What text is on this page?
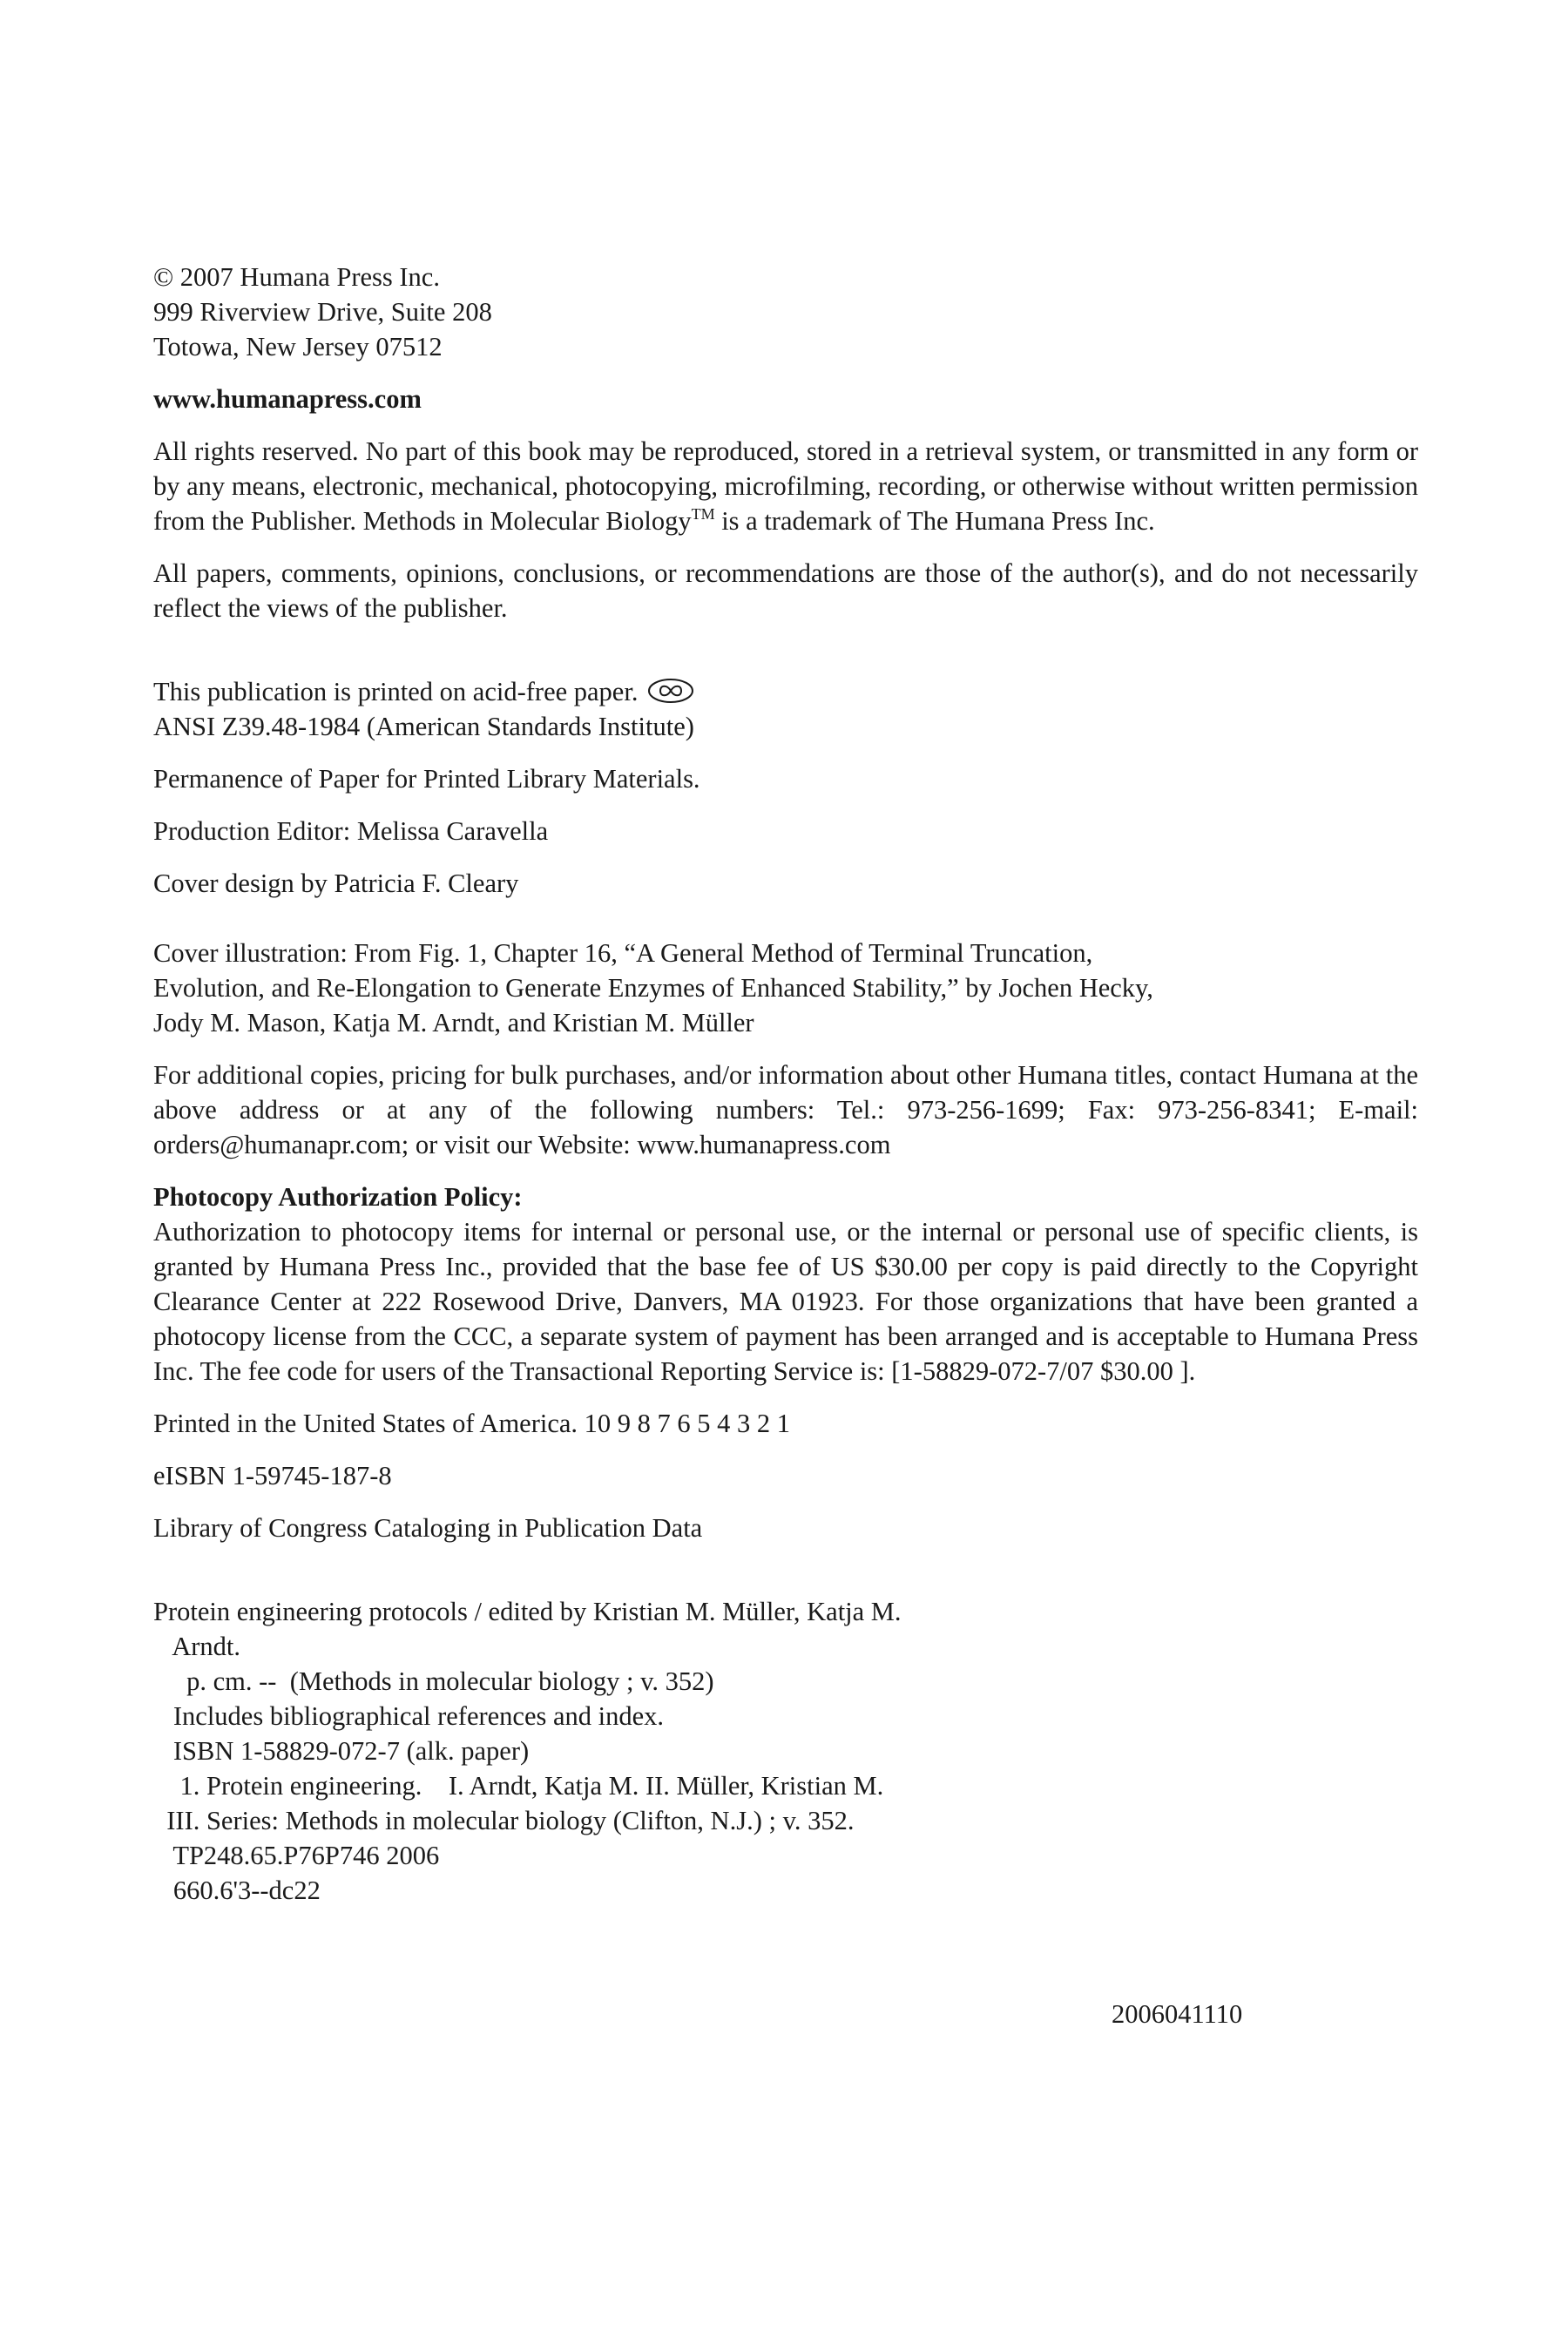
© 2007 Humana Press Inc.
999 Riverview Drive, Suite 208
Totowa, New Jersey 07512
www.humanapress.com
All rights reserved. No part of this book may be reproduced, stored in a retrieval system, or transmitted in any form or by any means, electronic, mechanical, photocopying, microfilming, recording, or otherwise without written permission from the Publisher. Methods in Molecular Biology™ is a trademark of The Humana Press Inc.
All papers, comments, opinions, conclusions, or recommendations are those of the author(s), and do not necessarily reflect the views of the publisher.
This publication is printed on acid-free paper.
ANSI Z39.48-1984 (American Standards Institute)
Permanence of Paper for Printed Library Materials.
Production Editor: Melissa Caravella
Cover design by Patricia F. Cleary
Cover illustration: From Fig. 1, Chapter 16, “A General Method of Terminal Truncation,
Evolution, and Re-Elongation to Generate Enzymes of Enhanced Stability,” by Jochen Hecky,
Jody M. Mason, Katja M. Arndt, and Kristian M. Müller
For additional copies, pricing for bulk purchases, and/or information about other Humana titles, contact Humana at the above address or at any of the following numbers: Tel.: 973-256-1699; Fax: 973-256-8341; E-mail: orders@humanapr.com; or visit our Website: www.humanapress.com
Photocopy Authorization Policy:
Authorization to photocopy items for internal or personal use, or the internal or personal use of specific clients, is granted by Humana Press Inc., provided that the base fee of US $30.00 per copy is paid directly to the Copyright Clearance Center at 222 Rosewood Drive, Danvers, MA 01923. For those organizations that have been granted a photocopy license from the CCC, a separate system of payment has been arranged and is acceptable to Humana Press Inc. The fee code for users of the Transactional Reporting Service is: [1-58829-072-7/07 $30.00 ].
Printed in the United States of America. 10 9 8 7 6 5 4 3 2 1
eISBN 1-59745-187-8
Library of Congress Cataloging in Publication Data
Protein engineering protocols / edited by Kristian M. Müller, Katja M.
Arndt.
p. cm. --  (Methods in molecular biology ; v. 352)
Includes bibliographical references and index.
ISBN 1-58829-072-7 (alk. paper)
1. Protein engineering.    I. Arndt, Katja M. II. Müller, Kristian M.
III. Series: Methods in molecular biology (Clifton, N.J.) ; v. 352.
TP248.65.P76P746 2006
660.6'3--dc22
2006041110
